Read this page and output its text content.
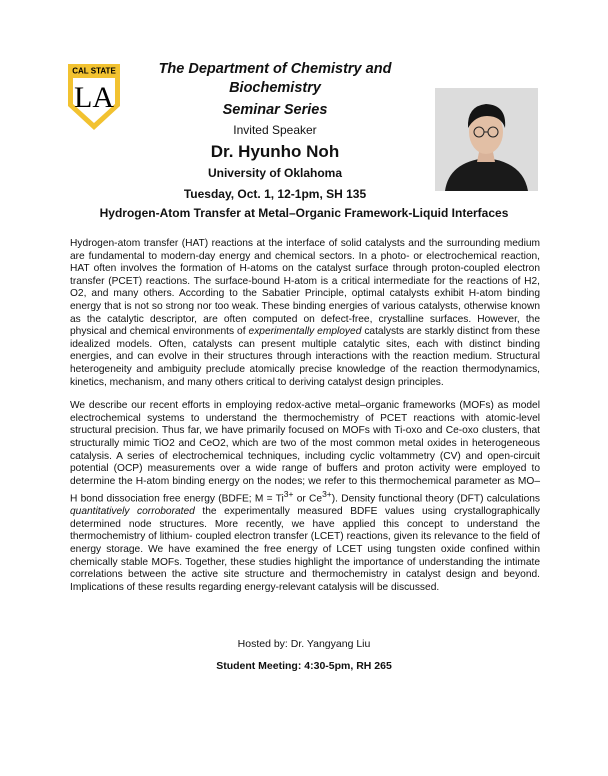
CAL STATE
LA
The Department of Chemistry and Biochemistry
Seminar Series
Invited Speaker
Dr. Hyunho Noh
University of Oklahoma
Tuesday, Oct. 1, 12-1pm, SH 135
Hydrogen-Atom Transfer at Metal–Organic Framework-Liquid Interfaces

Hydrogen-atom transfer (HAT) reactions at the interface of solid catalysts and the surrounding medium are fundamental to modern-day energy and chemical sectors. In a photo- or electrochemical reaction, HAT often involves the formation of H-atoms on the catalyst surface through proton-coupled electron transfer (PCET) reactions. The surface-bound H-atom is a critical intermediate for the reactions of H2, O2, and many others. According to the Sabatier Principle, optimal catalysts exhibit H-atom binding energy that is not so strong nor too weak. These binding energies of various catalysts, otherwise known as the catalytic descriptor, are often computed on defect-free, crystalline surfaces. However, the physical and chemical environments of experimentally employed catalysts are starkly distinct from these idealized models. Often, catalysts can present multiple catalytic sites, each with distinct binding energies, and can evolve in their structures through interactions with the reaction medium. Structural heterogeneity and ambiguity preclude atomically precise knowledge of the reaction thermodynamics, kinetics, mechanism, and many others critical to deriving catalyst design principles.

We describe our recent efforts in employing redox-active metal–organic frameworks (MOFs) as model electrochemical systems to understand the thermochemistry of PCET reactions with atomic-level structural precision. Thus far, we have primarily focused on MOFs with Ti-oxo and Ce-oxo clusters, that structurally mimic TiO2 and CeO2, which are two of the most common metal oxides in heterogeneous catalysis. A series of electrochemical techniques, including cyclic voltammetry (CV) and open-circuit potential (OCP) measurements over a wide range of buffers and proton activity were employed to determine the H-atom binding energy on the nodes; we refer to this thermochemical parameter as MO–H bond dissociation free energy (BDFE; $M = Ti^{3+}$ or $Ce^{3+}$). Density functional theory (DFT) calculations quantitatively corroborated the experimentally measured BDFE values using crystallographically determined node structures. More recently, we have applied this concept to understand the thermochemistry of lithium- coupled electron transfer (LCET) reactions, given its relevance to the field of energy storage. We have examined the free energy of LCET using tungsten oxide confined within chemically stable MOFs. Together, these studies highlight the importance of understanding the intimate correlations between the active site structure and thermochemistry in catalyst design and beyond. Implications of these results regarding energy-relevant catalysis will be discussed.

Hosted by: Dr. Yangyang Liu
Student Meeting: 4:30-5pm, RH 265
